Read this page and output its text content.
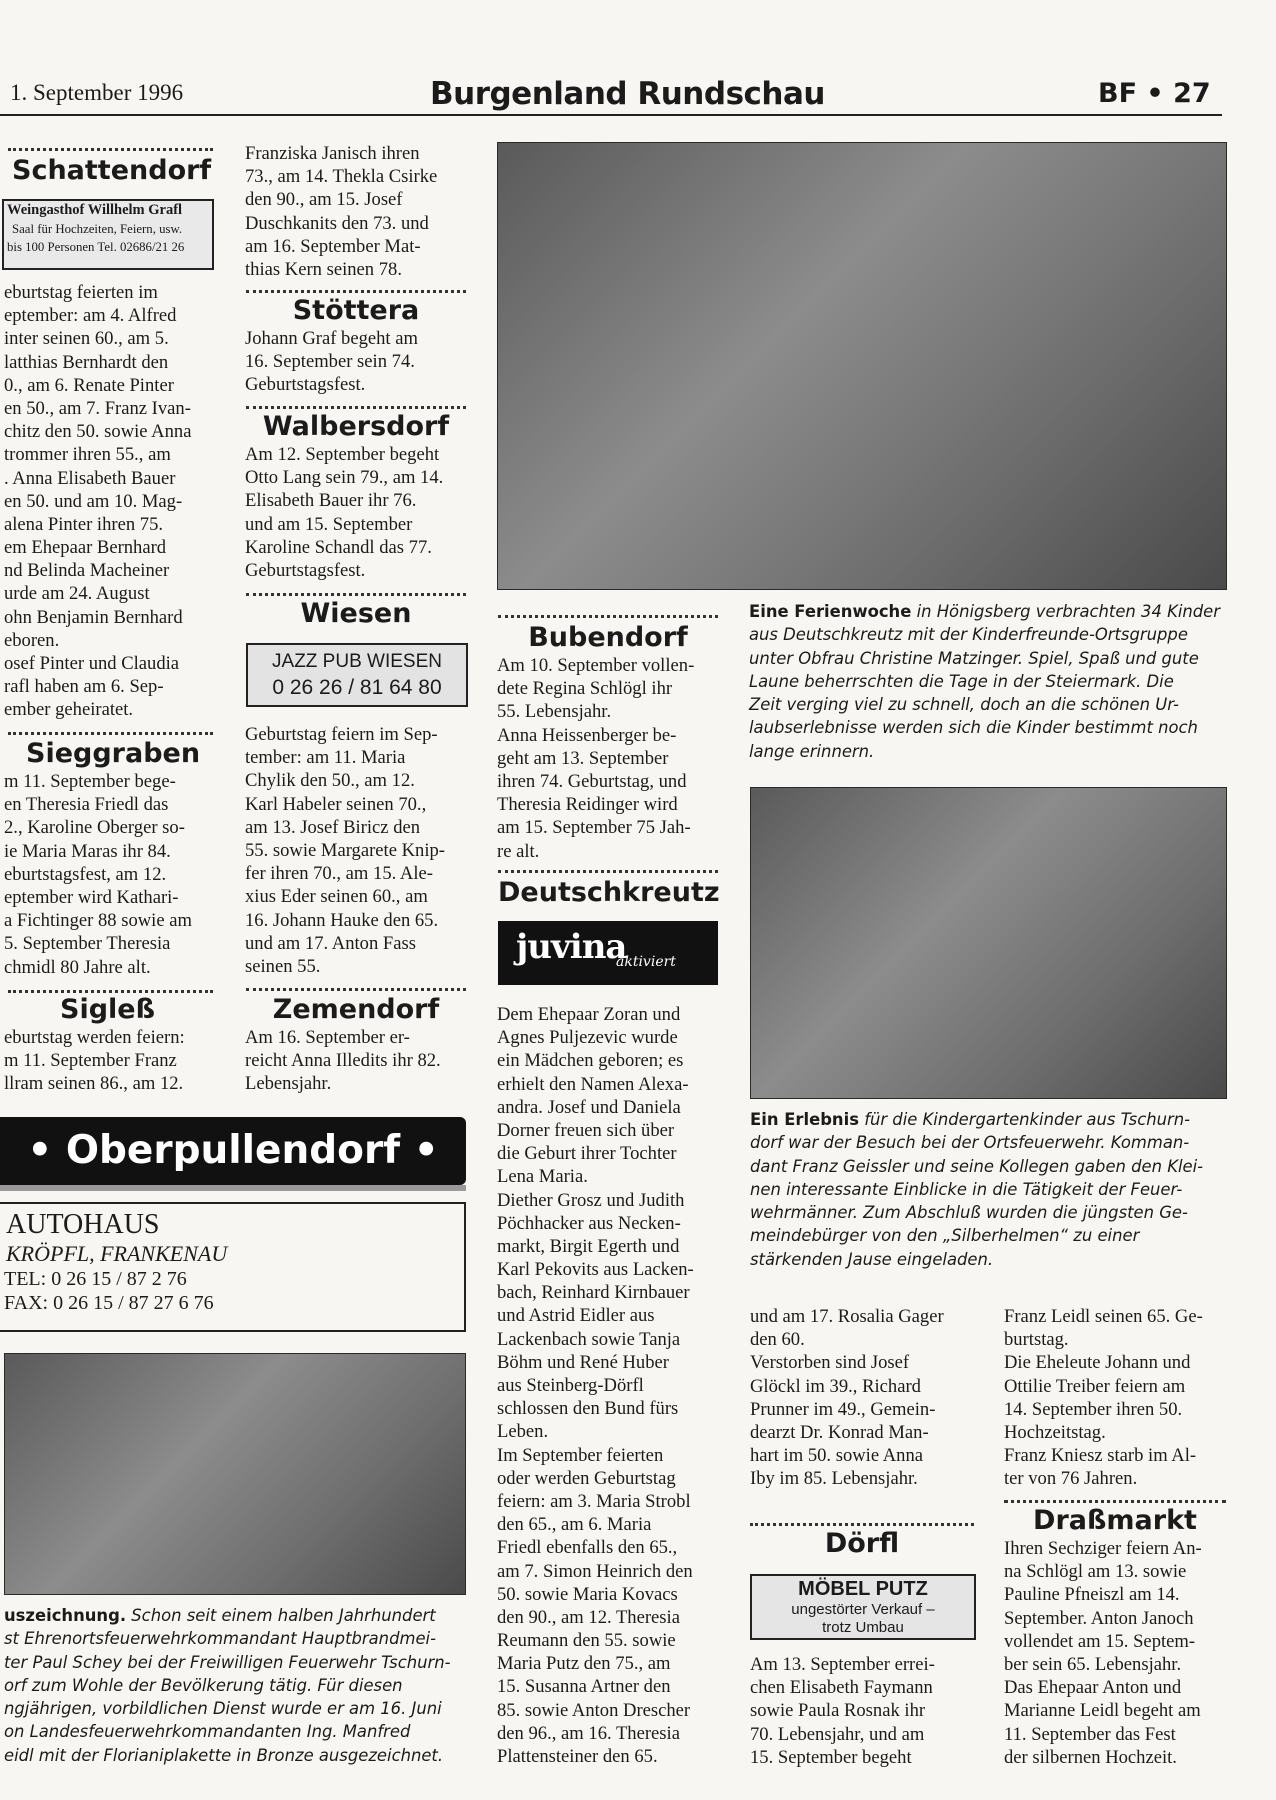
1. September 1996	Burgenland Rundschau	BF • 27
Schattendorf
Weingasthof Willhelm Grafl
Saal für Hochzeiten, Feiern, usw.
bis 100 Personen Tel. 02686/21 26
eburtstag feierten im
eptember: am 4. Alfred
inter seinen 60., am 5.
latthias Bernhardt den
0., am 6. Renate Pinter
en 50., am 7. Franz Ivan-
chitz den 50. sowie Anna
trommer ihren 55., am
. Anna Elisabeth Bauer
en 50. und am 10. Mag-
alena Pinter ihren 75.
em Ehepaar Bernhard
nd Belinda Macheiner
urde am 24. August
ohn Benjamin Bernhard
eboren.
osef Pinter und Claudia
rafl haben am 6. Sep-
ember geheiratet.
Sieggraben
m 11. September bege-
en Theresia Friedl das
2., Karoline Oberger so-
ie Maria Maras ihr 84.
eburtstagsfest, am 12.
eptember wird Kathari-
a Fichtinger 88 sowie am
5. September Theresia
chmidl 80 Jahre alt.
Sigleß
eburtstag werden feiern:
m 11. September Franz
llram seinen 86., am 12.
Franziska Janisch ihren
73., am 14. Thekla Csirke
den 90., am 15. Josef
Duschkanits den 73. und
am 16. September Mat-
thias Kern seinen 78.
Stöttera
Johann Graf begeht am
16. September sein 74.
Geburtstagsfest.
Walbersdorf
Am 12. September begeht
Otto Lang sein 79., am 14.
Elisabeth Bauer ihr 76.
und am 15. September
Karoline Schandl das 77.
Geburtstagsfest.
Wiesen
JAZZ PUB WIESEN
0 26 26 / 81 64 80
Geburtstag feiern im Sep-
tember: am 11. Maria
Chylik den 50., am 12.
Karl Habeler seinen 70.,
am 13. Josef Biricz den
55. sowie Margarete Knip-
fer ihren 70., am 15. Ale-
xius Eder seinen 60., am
16. Johann Hauke den 65.
und am 17. Anton Fass
seinen 55.
Zemendorf
Am 16. September er-
reicht Anna Illedits ihr 82.
Lebensjahr.
• Oberpullendorf •
AUTOHAUS
KRÖPFL, FRANKENAU
TEL: 0 26 15 / 87 2 76
FAX: 0 26 15 / 87 27 6 76
uszeichnung. Schon seit einem halben Jahrhundert
st Ehrenortsfeuerwehrkommandant Hauptbrandmei-
ter Paul Schey bei der Freiwilligen Feuerwehr Tschurn-
orf zum Wohle der Bevölkerung tätig. Für diesen
ngjährigen, vorbildlichen Dienst wurde er am 16. Juni
on Landesfeuerwehrkommandanten Ing. Manfred
eidl mit der Florianiplakette in Bronze ausgezeichnet.
Eine Ferienwoche in Hönigsberg verbrachten 34 Kinder
aus Deutschkreutz mit der Kinderfreunde-Ortsgruppe
unter Obfrau Christine Matzinger. Spiel, Spaß und gute
Laune beherrschten die Tage in der Steiermark. Die
Zeit verging viel zu schnell, doch an die schönen Ur-
laubserlebnisse werden sich die Kinder bestimmt noch
lange erinnern.
Bubendorf
Am 10. September vollen-
dete Regina Schlögl ihr
55. Lebensjahr.
Anna Heissenberger be-
geht am 13. September
ihren 74. Geburtstag, und
Theresia Reidinger wird
am 15. September 75 Jah-
re alt.
Deutschkreutz
juvina
aktiviert
Dem Ehepaar Zoran und
Agnes Puljezevic wurde
ein Mädchen geboren; es
erhielt den Namen Alexa-
andra. Josef und Daniela
Dorner freuen sich über
die Geburt ihrer Tochter
Lena Maria.
Diether Grosz und Judith
Pöchhacker aus Necken-
markt, Birgit Egerth und
Karl Pekovits aus Lacken-
bach, Reinhard Kirnbauer
und Astrid Eidler aus
Lackenbach sowie Tanja
Böhm und René Huber
aus Steinberg-Dörfl
schlossen den Bund fürs
Leben.
Im September feierten
oder werden Geburtstag
feiern: am 3. Maria Strobl
den 65., am 6. Maria
Friedl ebenfalls den 65.,
am 7. Simon Heinrich den
50. sowie Maria Kovacs
den 90., am 12. Theresia
Reumann den 55. sowie
Maria Putz den 75., am
15. Susanna Artner den
85. sowie Anton Drescher
den 96., am 16. Theresia
Plattensteiner den 65.
Ein Erlebnis für die Kindergartenkinder aus Tschurn-
dorf war der Besuch bei der Ortsfeuerwehr. Komman-
dant Franz Geissler und seine Kollegen gaben den Klei-
nen interessante Einblicke in die Tätigkeit der Feuer-
wehrmänner. Zum Abschluß wurden die jüngsten Ge-
meindebürger von den „Silberhelmen“ zu einer
stärkenden Jause eingeladen.
und am 17. Rosalia Gager
den 60.
Verstorben sind Josef
Glöckl im 39., Richard
Prunner im 49., Gemein-
dearzt Dr. Konrad Man-
hart im 50. sowie Anna
Iby im 85. Lebensjahr.
Dörfl
MÖBEL PUTZ
ungestörter Verkauf –
trotz Umbau
Am 13. September errei-
chen Elisabeth Faymann
sowie Paula Rosnak ihr
70. Lebensjahr, und am
15. September begeht
Franz Leidl seinen 65. Ge-
burtstag.
Die Eheleute Johann und
Ottilie Treiber feiern am
14. September ihren 50.
Hochzeitstag.
Franz Kniesz starb im Al-
ter von 76 Jahren.
Draßmarkt
Ihren Sechziger feiern An-
na Schlögl am 13. sowie
Pauline Pfneiszl am 14.
September. Anton Janoch
vollendet am 15. Septem-
ber sein 65. Lebensjahr.
Das Ehepaar Anton und
Marianne Leidl begeht am
11. September das Fest
der silbernen Hochzeit.
